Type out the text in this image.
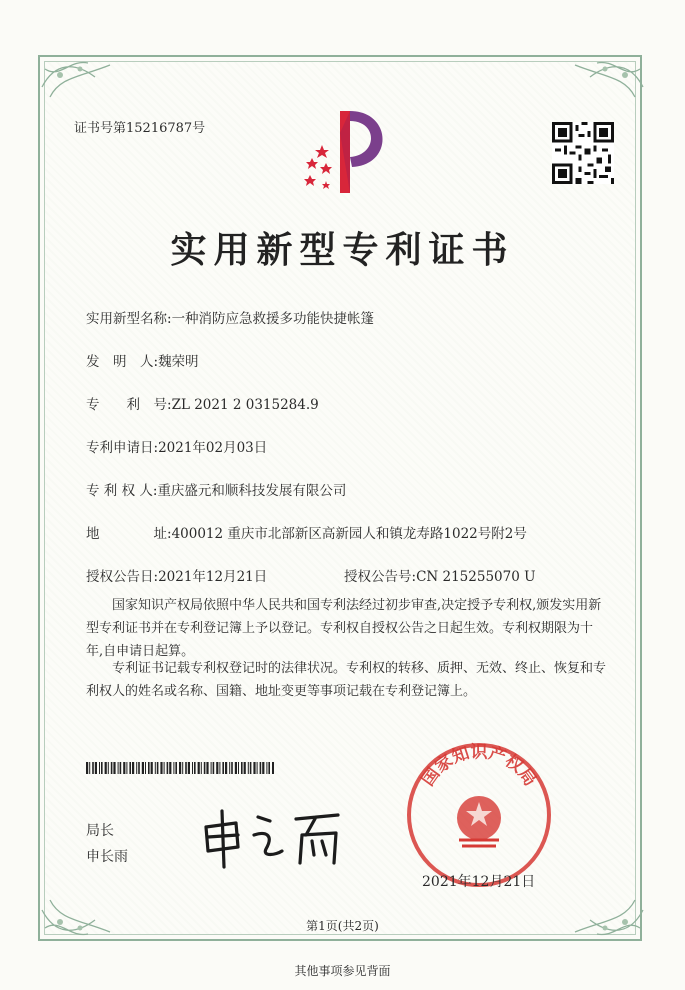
证书号第15216787号
实用新型专利证书
实用新型名称:一种消防应急救援多功能快捷帐篷
发　明　人:魏荣明
专　　利　号:ZL 2021 2 0315284.9
专利申请日:2021年02月03日
专 利 权 人:重庆盛元和顺科技发展有限公司
地　　　　址:400012 重庆市北部新区高新园人和镇龙寿路1022号附2号
授权公告日:2021年12月21日	授权公告号:CN 215255070 U
国家知识产权局依照中华人民共和国专利法经过初步审查,决定授予专利权,颁发实用新型专利证书并在专利登记簿上予以登记。专利权自授权公告之日起生效。专利权期限为十年,自申请日起算。
专利证书记载专利权登记时的法律状况。专利权的转移、质押、无效、终止、恢复和专利权人的姓名或名称、国籍、地址变更等事项记载在专利登记簿上。
局长
申长雨
国家知识产权局
2021年12月21日
第1页(共2页)
其他事项参见背面
